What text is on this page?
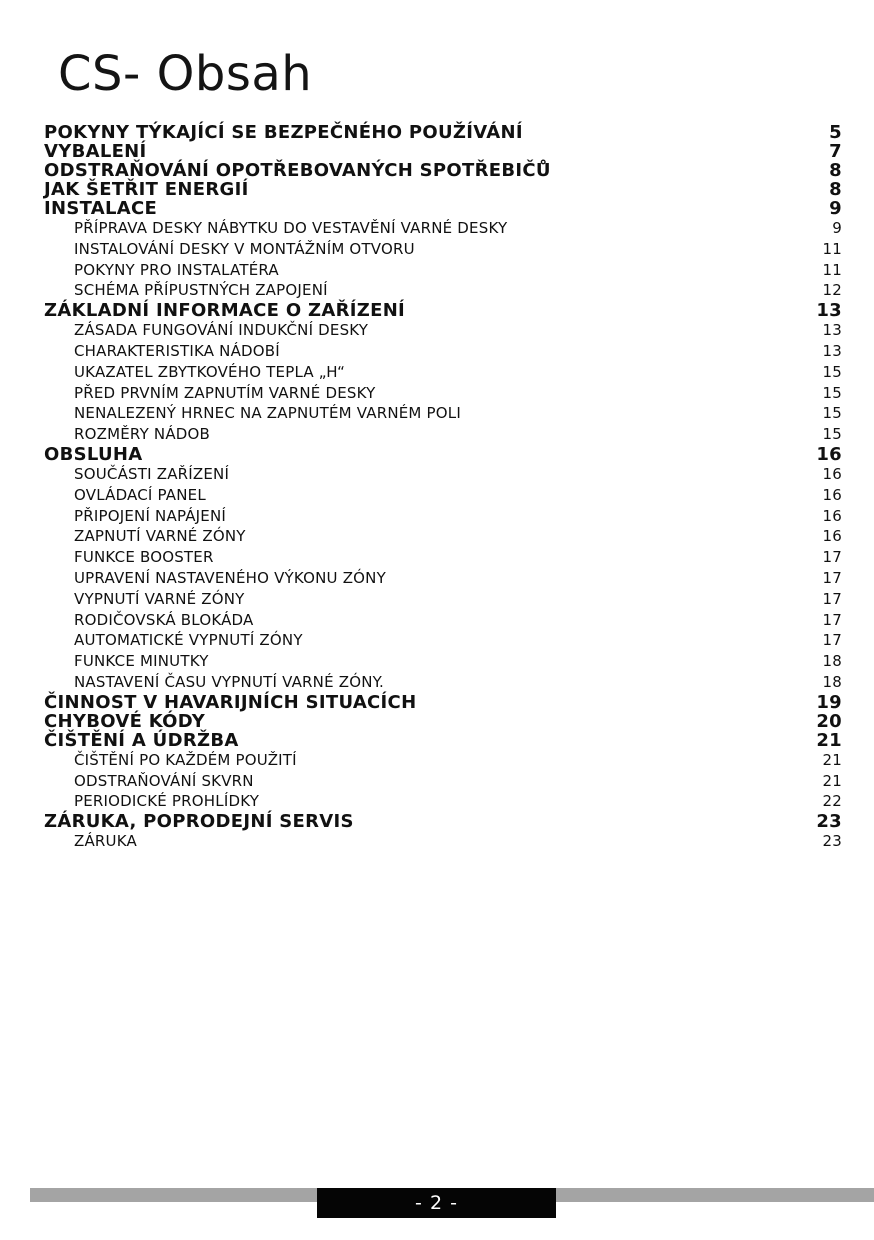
CS- Obsah
POKYNY TÝKAJÍCÍ SE BEZPEČNÉHO POUŽÍVÁNÍ	5
VYBALENÍ	7
ODSTRAŇOVÁNÍ OPOTŘEBOVANÝCH SPOTŘEBIČŮ	8
JAK ŠETŘIT ENERGIÍ	8
INSTALACE	9
PŘÍPRAVA DESKY NÁBYTKU DO VESTAVĚNÍ VARNÉ DESKY	9
INSTALOVÁNÍ DESKY V MONTÁŽNÍM OTVORU	11
POKYNY PRO INSTALATÉRA	11
SCHÉMA PŘÍPUSTNÝCH ZAPOJENÍ	12
ZÁKLADNÍ INFORMACE O ZAŘÍZENÍ	13
ZÁSADA FUNGOVÁNÍ INDUKČNÍ DESKY	13
CHARAKTERISTIKA NÁDOBÍ	13
UKAZATEL ZBYTKOVÉHO TEPLA „H“	15
PŘED PRVNÍM ZAPNUTÍM VARNÉ DESKY	15
NENALEZENÝ HRNEC NA ZAPNUTÉM VARNÉM POLI	15
ROZMĚRY NÁDOB	15
OBSLUHA	16
SOUČÁSTI ZAŘÍZENÍ	16
OVLÁDACÍ PANEL	16
PŘIPOJENÍ NAPÁJENÍ	16
ZAPNUTÍ VARNÉ ZÓNY	16
FUNKCE BOOSTER	17
UPRAVENÍ NASTAVENÉHO VÝKONU ZÓNY	17
VYPNUTÍ VARNÉ ZÓNY	17
RODIČOVSKÁ BLOKÁDA	17
AUTOMATICKÉ VYPNUTÍ ZÓNY	17
FUNKCE MINUTKY	18
NASTAVENÍ ČASU VYPNUTÍ VARNÉ ZÓNY.	18
ČINNOST V HAVARIJNÍCH SITUACÍCH	19
CHYBOVÉ KÓDY	20
ČIŠTĚNÍ A ÚDRŽBA	21
ČIŠTĚNÍ PO KAŽDÉM POUŽITÍ	21
ODSTRAŇOVÁNÍ SKVRN	21
PERIODICKÉ PROHLÍDKY	22
ZÁRUKA, POPRODEJNÍ SERVIS	23
ZÁRUKA	23
- 2 -
